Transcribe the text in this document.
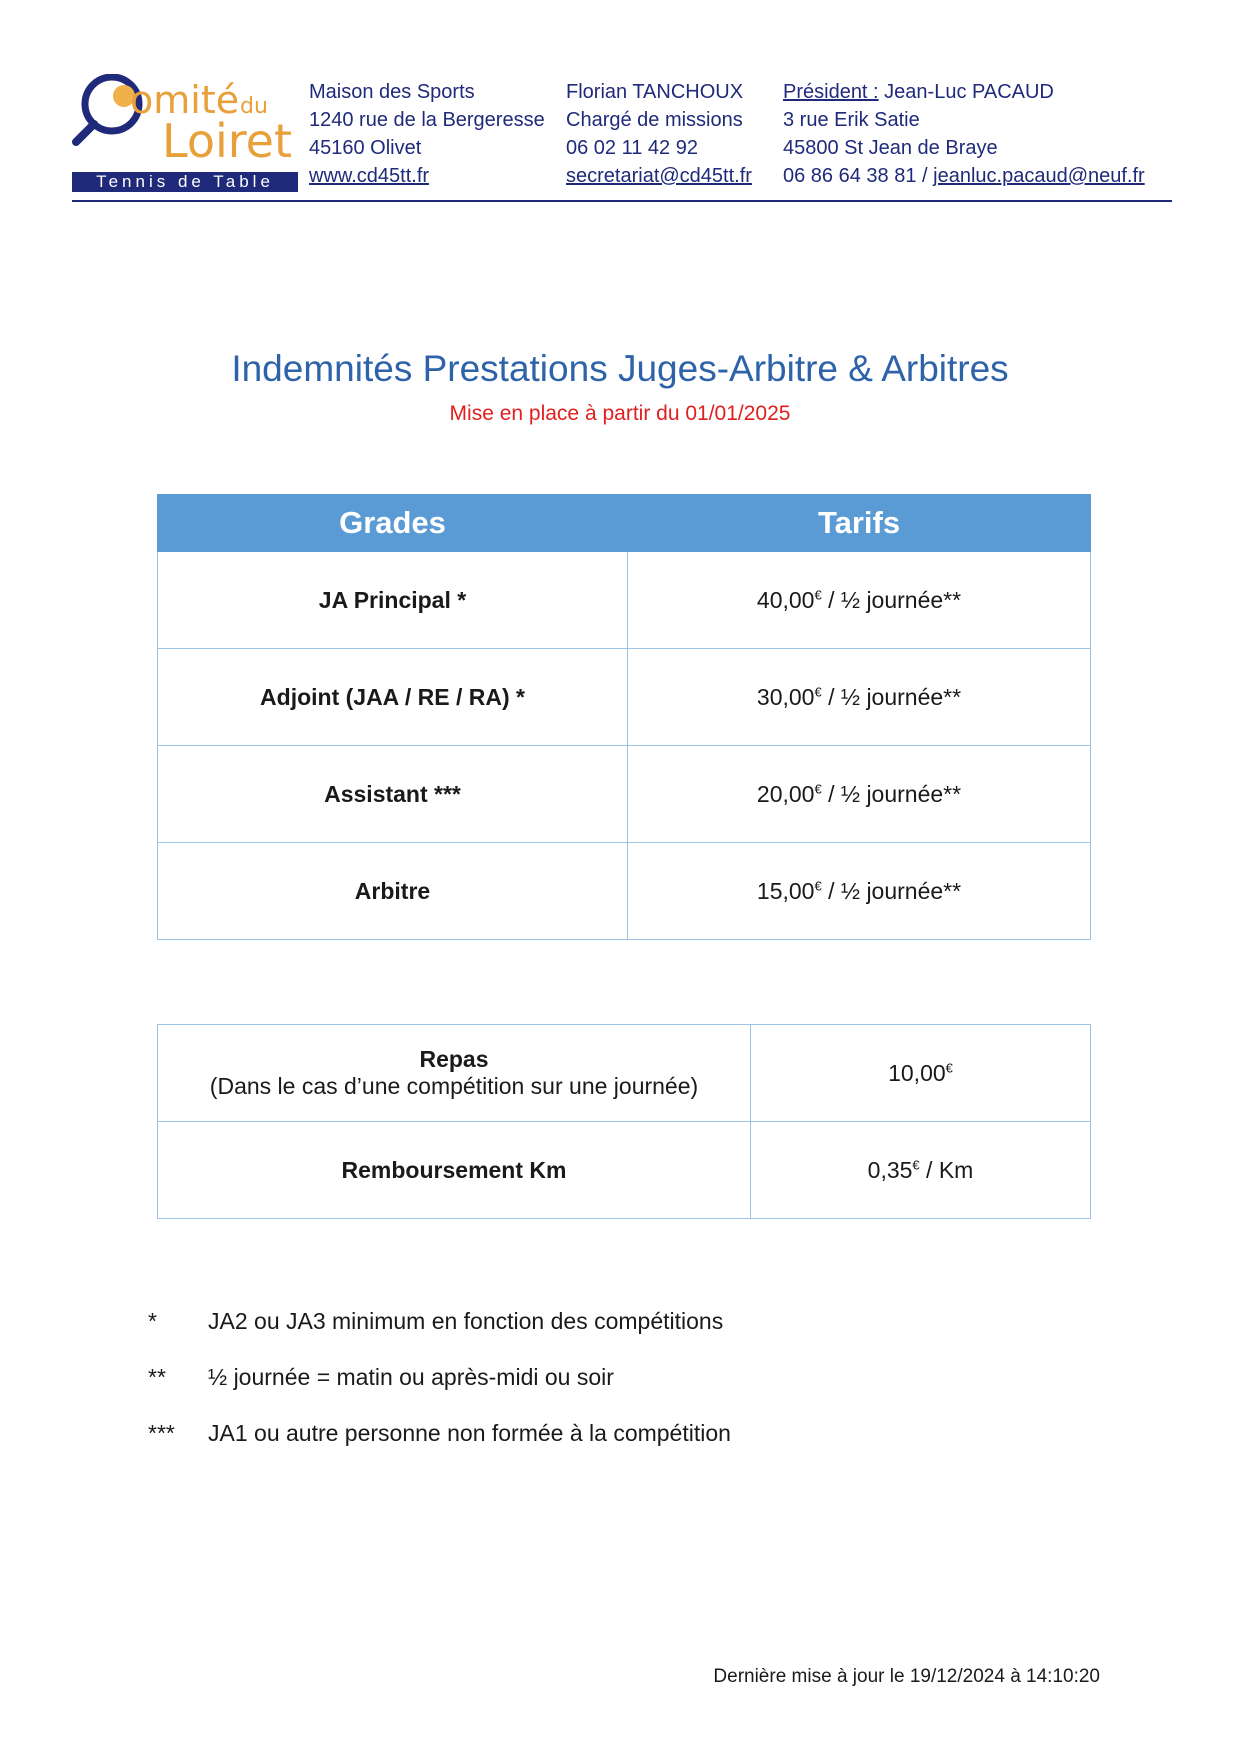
omité du
Loiret
Tennis de Table
Maison des Sports
1240 rue de la Bergeresse
45160 Olivet
www.cd45tt.fr
Florian TANCHOUX
Chargé de missions
06 02 11 42 92
secretariat@cd45tt.fr
Président : Jean-Luc PACAUD
3 rue Erik Satie
45800 St Jean de Braye
06 86 64 38 81 / jeanluc.pacaud@neuf.fr
Indemnités Prestations Juges-Arbitre & Arbitres
Mise en place à partir du 01/01/2025
Grades	Tarifs
JA Principal *	40,00€ / ½ journée**
Adjoint (JAA / RE / RA) *	30,00€ / ½ journée**
Assistant ***	20,00€ / ½ journée**
Arbitre	15,00€ / ½ journée**
Repas
(Dans le cas d’une compétition sur une journée)	10,00€
Remboursement Km	0,35€ / Km
*	JA2 ou JA3 minimum en fonction des compétitions
**	½ journée = matin ou après-midi ou soir
***	JA1 ou autre personne non formée à la compétition
Dernière mise à jour le 19/12/2024 à 14:10:20
